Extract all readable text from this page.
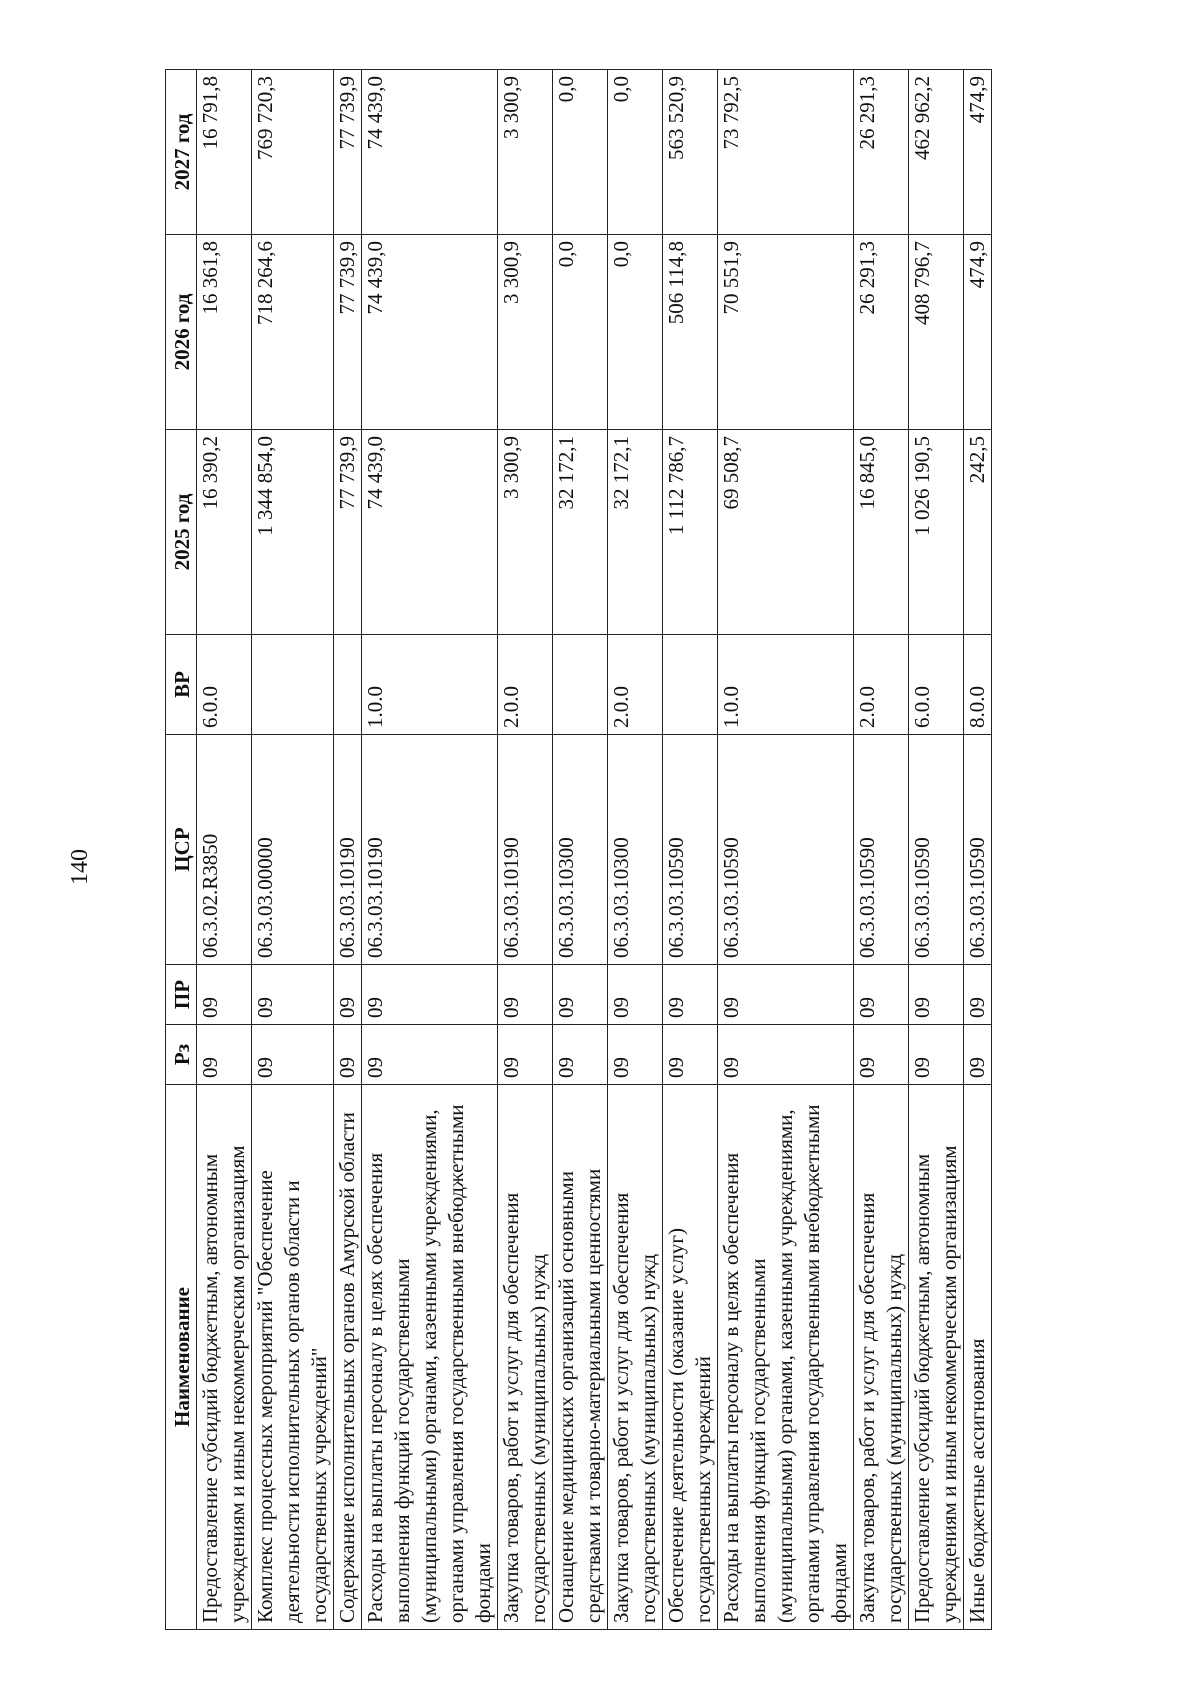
140
Наименование	Рз	ПР	ЦСР	ВР	2025 год	2026 год	2027 год
Предоставление субсидий бюджетным, автономным учреждениям и иным некоммерческим организациям	09	09	06.3.02.R3850	6.0.0	16 390,2	16 361,8	16 791,8
Комплекс процессных мероприятий "Обеспечение деятельности исполнительных органов области и государственных учреждений"	09	09	06.3.03.00000		1 344 854,0	718 264,6	769 720,3
Содержание исполнительных органов Амурской области	09	09	06.3.03.10190		77 739,9	77 739,9	77 739,9
Расходы на выплаты персоналу в целях обеспечения выполнения функций государственными (муниципальными) органами, казенными учреждениями, органами управления государственными внебюджетными фондами	09	09	06.3.03.10190	1.0.0	74 439,0	74 439,0	74 439,0
Закупка товаров, работ и услуг для обеспечения государственных (муниципальных) нужд	09	09	06.3.03.10190	2.0.0	3 300,9	3 300,9	3 300,9
Оснащение медицинских организаций основными средствами и товарно-материальными ценностями	09	09	06.3.03.10300		32 172,1	0,0	0,0
Закупка товаров, работ и услуг для обеспечения государственных (муниципальных) нужд	09	09	06.3.03.10300	2.0.0	32 172,1	0,0	0,0
Обеспечение деятельности (оказание услуг) государственных учреждений	09	09	06.3.03.10590		1 112 786,7	506 114,8	563 520,9
Расходы на выплаты персоналу в целях обеспечения выполнения функций государственными (муниципальными) органами, казенными учреждениями, органами управления государственными внебюджетными фондами	09	09	06.3.03.10590	1.0.0	69 508,7	70 551,9	73 792,5
Закупка товаров, работ и услуг для обеспечения государственных (муниципальных) нужд	09	09	06.3.03.10590	2.0.0	16 845,0	26 291,3	26 291,3
Предоставление субсидий бюджетным, автономным учреждениям и иным некоммерческим организациям	09	09	06.3.03.10590	6.0.0	1 026 190,5	408 796,7	462 962,2
Иные бюджетные ассигнования	09	09	06.3.03.10590	8.0.0	242,5	474,9	474,9
